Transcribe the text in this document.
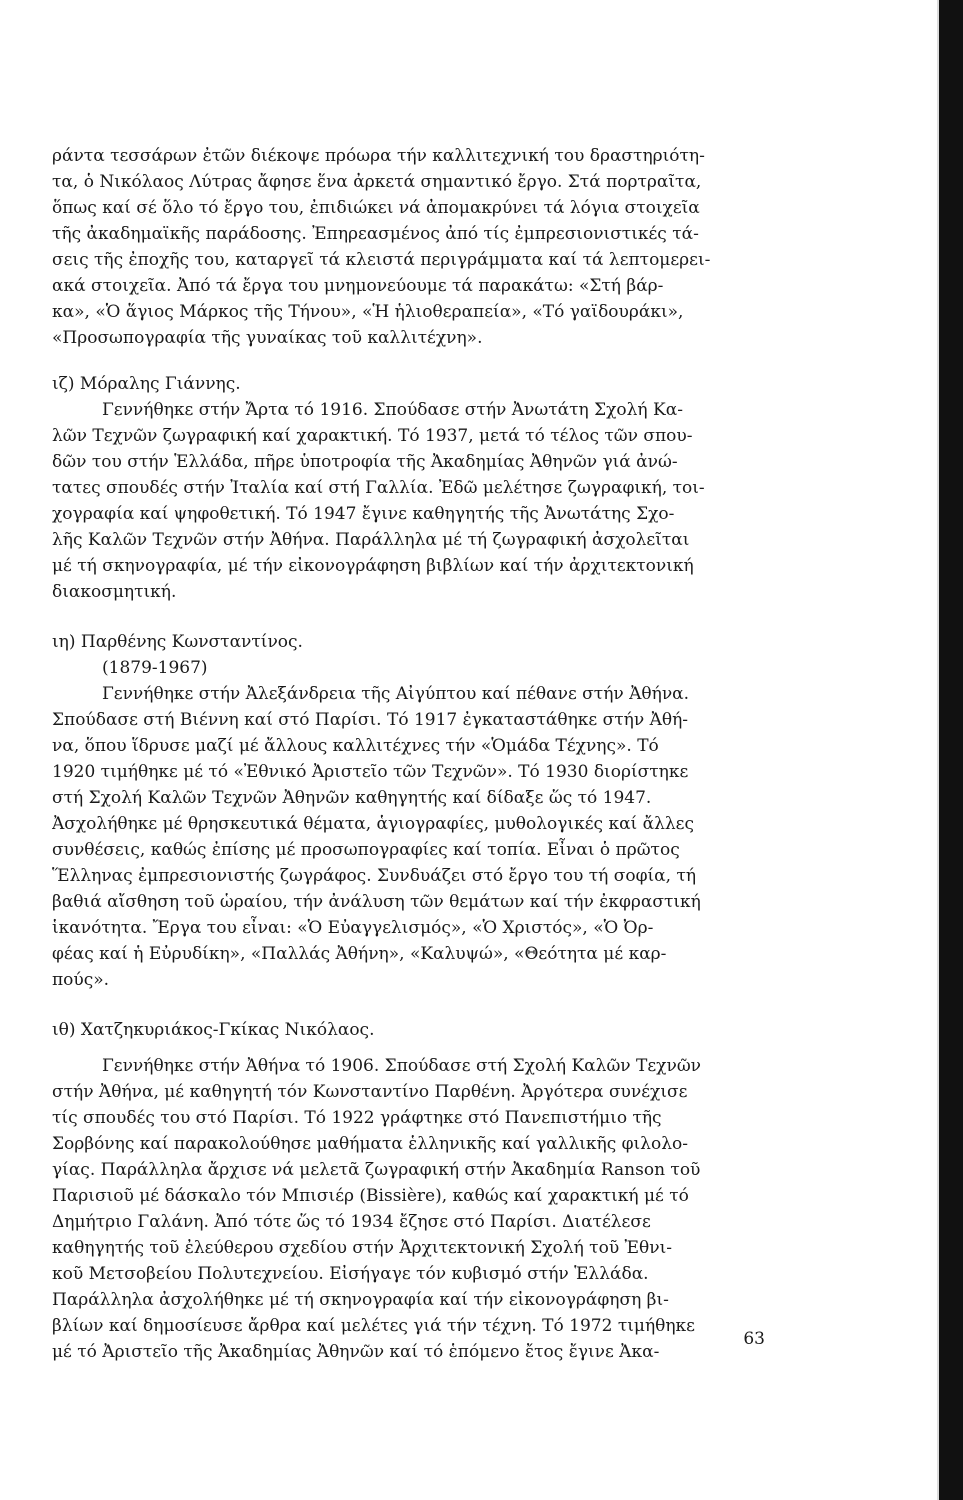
ράντα τεσσάρων ἐτῶν διέκοψε πρόωρα τήν καλλιτεχνική του δραστηριότη-
τα, ὁ Νικόλαος Λύτρας ἄφησε ἕνα ἀρκετά σημαντικό ἔργο. Στά πορτραῖτα,
ὅπως καί σέ ὅλο τό ἔργο του, ἐπιδιώκει νά ἀπομακρύνει τά λόγια στοιχεῖα
τῆς ἀκαδημαϊκῆς παράδοσης. Ἐπηρεασμένος ἀπό τίς ἐμπρεσιονιστικές τά-
σεις τῆς ἐποχῆς του, καταργεῖ τά κλειστά περιγράμματα καί τά λεπτομερει-
ακά στοιχεῖα. Ἀπό τά ἔργα του μνημονεύουμε τά παρακάτω: «Στή βάρ-
κα», «Ὁ ἅγιος Μάρκος τῆς Τήνου», «Ἡ ἡλιοθεραπεία», «Τό γαϊδουράκι»,
«Προσωπογραφία τῆς γυναίκας τοῦ καλλιτέχνη».
ιζ) Μόραλης Γιάννης.
Γεννήθηκε στήν Ἄρτα τό 1916. Σπούδασε στήν Ἀνωτάτη Σχολή Κα-
λῶν Τεχνῶν ζωγραφική καί χαρακτική. Τό 1937, μετά τό τέλος τῶν σπου-
δῶν του στήν Ἑλλάδα, πῆρε ὑποτροφία τῆς Ἀκαδημίας Ἀθηνῶν γιά ἀνώ-
τατες σπουδές στήν Ἰταλία καί στή Γαλλία. Ἐδῶ μελέτησε ζωγραφική, τοι-
χογραφία καί ψηφοθετική. Τό 1947 ἔγινε καθηγητής τῆς Ἀνωτάτης Σχο-
λῆς Καλῶν Τεχνῶν στήν Ἀθήνα. Παράλληλα μέ τή ζωγραφική ἀσχολεῖται
μέ τή σκηνογραφία, μέ τήν εἰκονογράφηση βιβλίων καί τήν ἀρχιτεκτονική
διακοσμητική.
ιη) Παρθένης Κωνσταντίνος.
(1879-1967)
Γεννήθηκε στήν Ἀλεξάνδρεια τῆς Αἰγύπτου καί πέθανε στήν Ἀθήνα.
Σπούδασε στή Βιέννη καί στό Παρίσι. Τό 1917 ἐγκαταστάθηκε στήν Ἀθή-
να, ὅπου ἵδρυσε μαζί μέ ἄλλους καλλιτέχνες τήν «Ὁμάδα Τέχνης». Τό
1920 τιμήθηκε μέ τό «Ἐθνικό Ἀριστεῖο τῶν Τεχνῶν». Τό 1930 διορίστηκε
στή Σχολή Καλῶν Τεχνῶν Ἀθηνῶν καθηγητής καί δίδαξε ὥς τό 1947.
Ἀσχολήθηκε μέ θρησκευτικά θέματα, ἁγιογραφίες, μυθολογικές καί ἄλλες
συνθέσεις, καθώς ἐπίσης μέ προσωπογραφίες καί τοπία. Εἶναι ὁ πρῶτος
Ἕλληνας ἐμπρεσιονιστής ζωγράφος. Συνδυάζει στό ἔργο του τή σοφία, τή
βαθιά αἴσθηση τοῦ ὡραίου, τήν ἀνάλυση τῶν θεμάτων καί τήν ἐκφραστική
ἱκανότητα. Ἔργα του εἶναι: «Ὁ Εὐαγγελισμός», «Ὁ Χριστός», «Ὁ Ὀρ-
φέας καί ἡ Εὐρυδίκη», «Παλλάς Ἀθήνη», «Καλυψώ», «Θεότητα μέ καρ-
πούς».
ιθ) Χατζηκυριάκος-Γκίκας Νικόλαος.
Γεννήθηκε στήν Ἀθήνα τό 1906. Σπούδασε στή Σχολή Καλῶν Τεχνῶν
στήν Ἀθήνα, μέ καθηγητή τόν Κωνσταντίνο Παρθένη. Ἀργότερα συνέχισε
τίς σπουδές του στό Παρίσι. Τό 1922 γράφτηκε στό Πανεπιστήμιο τῆς
Σορβόνης καί παρακολούθησε μαθήματα ἑλληνικῆς καί γαλλικῆς φιλολο-
γίας. Παράλληλα ἄρχισε νά μελετᾶ ζωγραφική στήν Ἀκαδημία Ranson τοῦ
Παρισιοῦ μέ δάσκαλο τόν Μπισιέρ (Bissière), καθώς καί χαρακτική μέ τό
Δημήτριο Γαλάνη. Ἀπό τότε ὥς τό 1934 ἔζησε στό Παρίσι. Διατέλεσε
καθηγητής τοῦ ἐλεύθερου σχεδίου στήν Ἀρχιτεκτονική Σχολή τοῦ Ἐθνι-
κοῦ Μετσοβείου Πολυτεχνείου. Εἰσήγαγε τόν κυβισμό στήν Ἑλλάδα.
Παράλληλα ἀσχολήθηκε μέ τή σκηνογραφία καί τήν εἰκονογράφηση βι-
βλίων καί δημοσίευσε ἄρθρα καί μελέτες γιά τήν τέχνη. Τό 1972 τιμήθηκε
μέ τό Ἀριστεῖο τῆς Ἀκαδημίας Ἀθηνῶν καί τό ἑπόμενο ἔτος ἔγινε Ἀκα-
63
